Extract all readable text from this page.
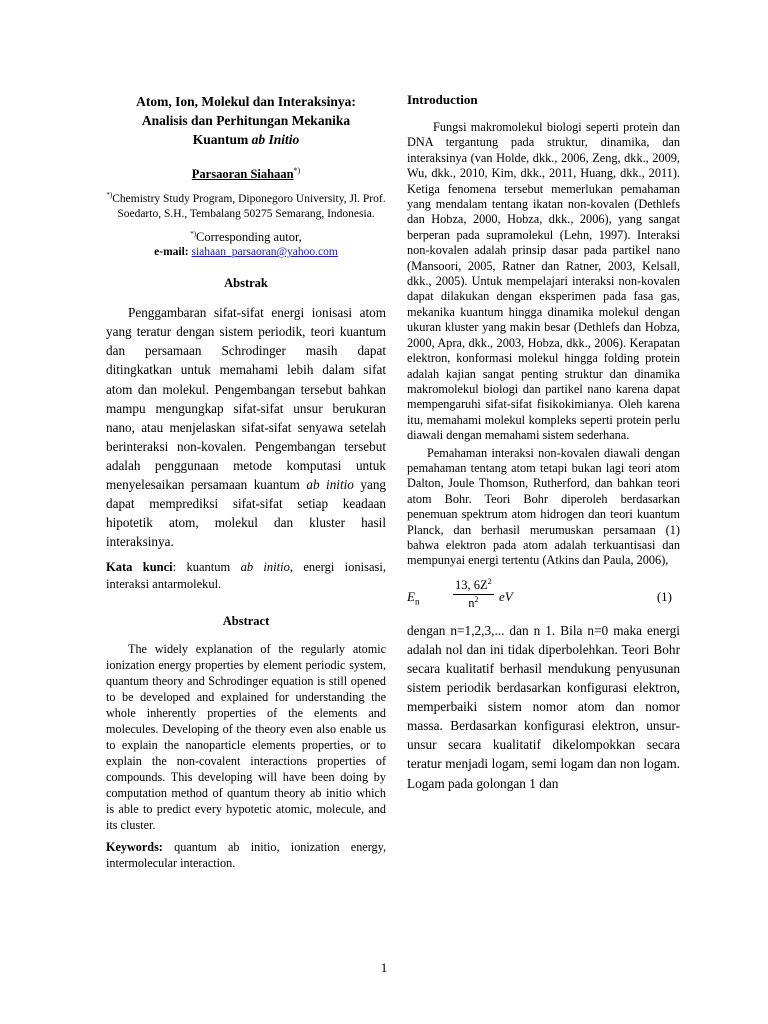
Atom, Ion, Molekul dan Interaksinya:
Analisis dan Perhitungan Mekanika
Kuantum ab Initio

Parsaoran Siahaan*)
*)Chemistry Study Program, Diponegoro University, Jl. Prof. Soedarto, S.H., Tembalang 50275 Semarang, Indonesia.
*)Corresponding autor,
e-mail: siahaan_parsaoran@yahoo.com
Abstrak

Penggambaran sifat-sifat energi ionisasi atom yang teratur dengan sistem periodik, teori kuantum dan persamaan Schrodinger masih dapat ditingkatkan untuk memahami lebih dalam sifat atom dan molekul. Pengembangan tersebut bahkan mampu mengungkap sifat-sifat unsur berukuran nano, atau menjelaskan sifat-sifat senyawa setelah berinteraksi non-kovalen. Pengembangan tersebut adalah penggunaan metode komputasi untuk menyelesaikan persamaan kuantum ab initio yang dapat memprediksi sifat-sifat setiap keadaan hipotetik atom, molekul dan kluster hasil interaksinya.

Kata kunci: kuantum ab initio, energi ionisasi, interaksi antarmolekul.
Abstract

The widely explanation of the regularly atomic ionization energy properties by element periodic system, quantum theory and Schrodinger equation is still opened to be developed and explained for understanding the whole inherently properties of the elements and molecules. Developing of the theory even also enable us to explain the nanoparticle elements properties, or to explain the non-covalent interactions properties of compounds. This developing will have been doing by computation method of quantum theory ab initio which is able to predict every hypotetic atomic, molecule, and its cluster.

Keywords: quantum ab initio, ionization energy, intermolecular interaction.

Introduction

Fungsi makromolekul biologi seperti protein dan DNA tergantung pada struktur, dinamika, dan interaksinya (van Holde, dkk., 2006, Zeng, dkk., 2009, Wu, dkk., 2010, Kim, dkk., 2011, Huang, dkk., 2011). Ketiga fenomena tersebut memerlukan pemahaman yang mendalam tentang ikatan non-kovalen (Dethlefs dan Hobza, 2000, Hobza, dkk., 2006), yang sangat berperan pada supramolekul (Lehn, 1997). Interaksi non-kovalen adalah prinsip dasar pada partikel nano (Mansoori, 2005, Ratner dan Ratner, 2003, Kelsall, dkk., 2005). Untuk mempelajari interaksi non-kovalen dapat dilakukan dengan eksperimen pada fasa gas, mekanika kuantum hingga dinamika molekul dengan ukuran kluster yang makin besar (Dethlefs dan Hobza, 2000, Apra, dkk., 2003, Hobza, dkk., 2006). Kerapatan elektron, konformasi molekul hingga folding protein adalah kajian sangat penting struktur dan dinamika makromolekul biologi dan partikel nano karena dapat mempengaruhi sifat-sifat fisikokimianya. Oleh karena itu, memahami molekul kompleks seperti protein perlu diawali dengan memahami sistem sederhana.

Pemahaman interaksi non-kovalen diawali dengan pemahaman tentang atom tetapi bukan lagi teori atom Dalton, Joule Thomson, Rutherford, dan bahkan teori atom Bohr. Teori Bohr diperoleh berdasarkan penemuan spektrum atom hidrogen dan teori kuantum Planck, dan berhasil merumuskan persamaan (1) bahwa elektron pada atom adalah terkuantisasi dan mempunyai energi tertentu (Atkins dan Paula, 2006),

$E_n$	$\frac{13, 6Z^2}{n^2}$ eV	(1)

dengan n=1,2,3,... dan n 1. Bila n=0 maka energi adalah nol dan ini tidak diperbolehkan. Teori Bohr secara kualitatif berhasil mendukung penyusunan sistem periodik berdasarkan konfigurasi elektron, memperbaiki sistem nomor atom dan nomor massa. Berdasarkan konfigurasi elektron, unsur-unsur secara kualitatif dikelompokkan secara teratur menjadi logam, semi logam dan non logam. Logam pada golongan 1 dan

1
